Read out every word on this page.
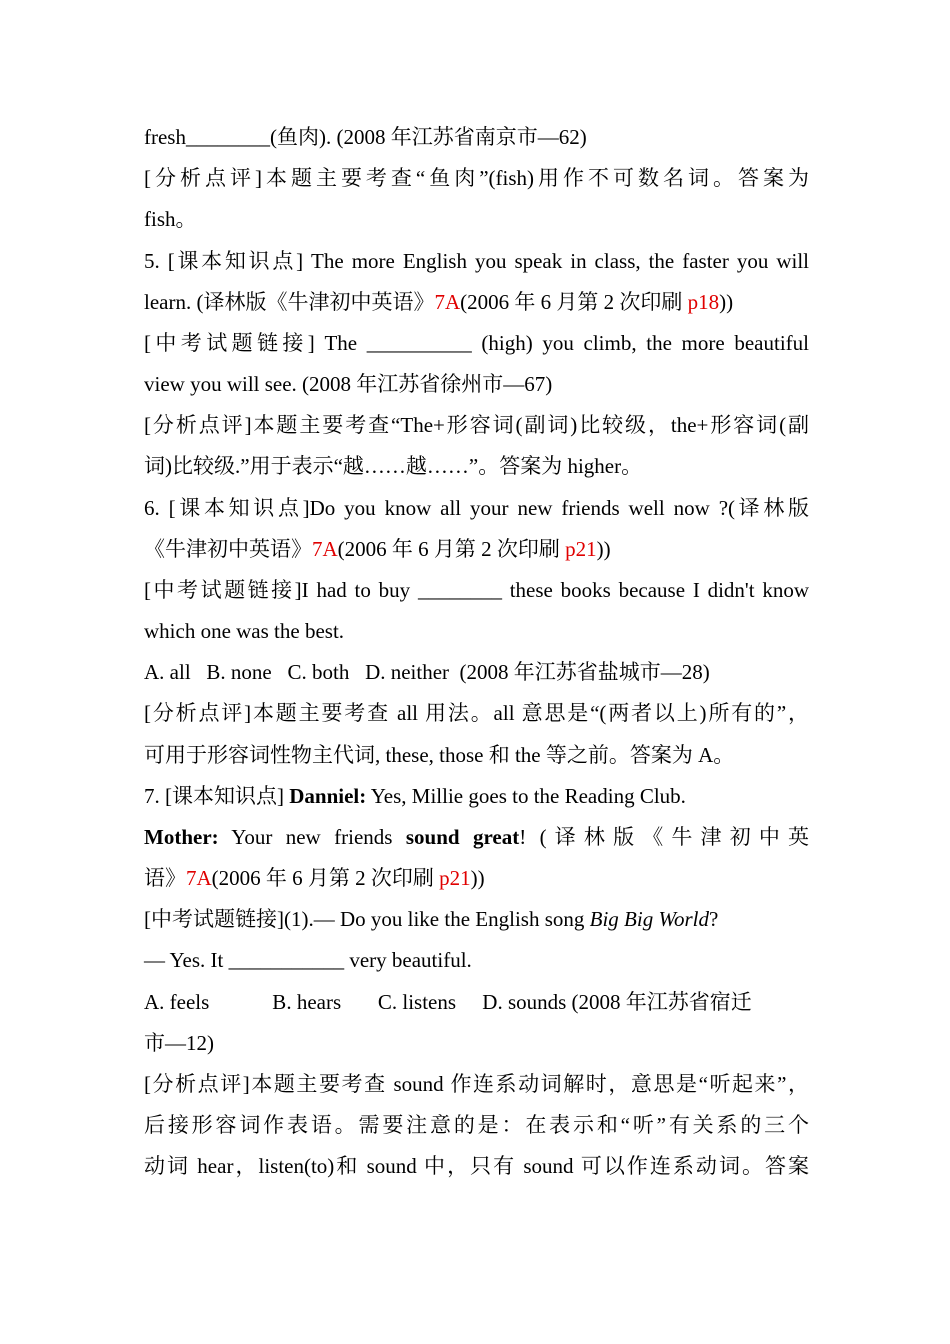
fresh________(鱼肉). (2008 年江苏省南京市—62)
[分析点评]本题主要考查“鱼肉”(fish)用作不可数名词。答案为
fish。
5. [课本知识点] The more English you speak in class, the faster you will
learn. (译林版《牛津初中英语》7A(2006 年 6 月第 2 次印刷 p18))
[中考试题链接] The __________ (high) you climb, the more beautiful
view you will see. (2008 年江苏省徐州市—67)
[分析点评]本题主要考查“The+形容词(副词)比较级，the+形容词(副
词)比较级.”用于表示“越……越……”。答案为 higher。
6. [课本知识点]Do you know all your new friends well now ?(译林版
《牛津初中英语》7A(2006 年 6 月第 2 次印刷 p21))
[中考试题链接]I had to buy ________ these books because I didn't know
which one was the best.
A. all   B. none   C. both   D. neither  (2008 年江苏省盐城市—28)
[分析点评]本题主要考查 all 用法。all 意思是“(两者以上)所有的”，
可用于形容词性物主代词, these, those 和 the 等之前。答案为 A。
7. [课本知识点] Danniel: Yes, Millie goes to the Reading Club.
Mother: Your new friends sound great! (译林版《牛津初中英
语》7A(2006 年 6 月第 2 次印刷 p21))
[中考试题链接](1).— Do you like the English song Big Big World?
— Yes. It ___________ very beautiful.
A. feels            B. hears       C. listens     D. sounds (2008 年江苏省宿迁
市—12)
[分析点评]本题主要考查 sound 作连系动词解时，意思是“听起来”，
后接形容词作表语。需要注意的是：在表示和“听”有关系的三个
动词 hear，listen(to)和 sound 中，只有 sound 可以作连系动词。答案
